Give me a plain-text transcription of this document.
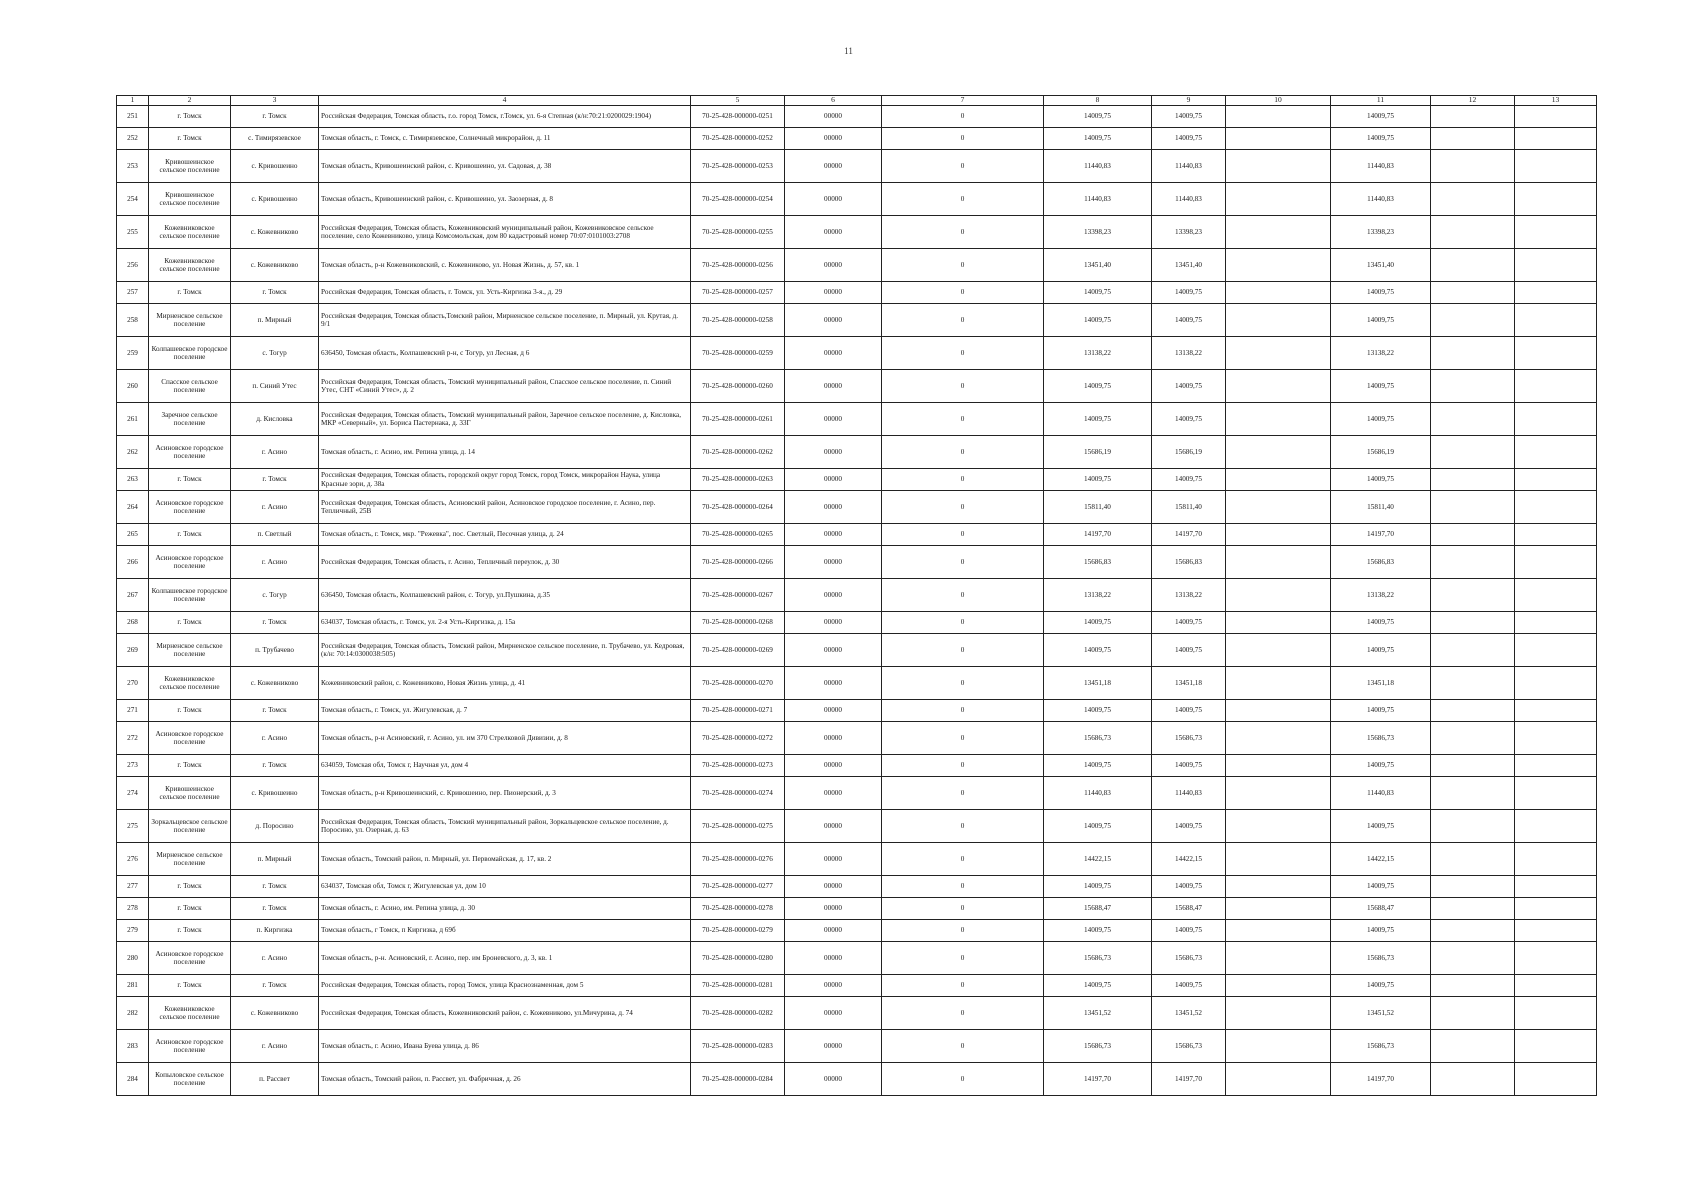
11
1	2	3	4	5	6	7	8	9	10	11	12	13
251	г. Томск	г. Томск	Российская Федерация, Томская область, г.о. город Томск, г.Томск, ул. 6-я Степная (к/н:70:21:0200029:1904)	70-25-428-000000-0251	00000	0	14009,75	14009,75		14009,75		
252	г. Томск	с. Тимирязевское	Томская область, г. Томск, с. Тимирязевское, Солнечный микрорайон, д. 11	70-25-428-000000-0252	00000	0	14009,75	14009,75		14009,75		
253	Кривошеинское сельское поселение	с. Кривошеино	Томская область, Кривошеинский район, с. Кривошеино, ул. Садовая, д. 38	70-25-428-000000-0253	00000	0	11440,83	11440,83		11440,83		
254	Кривошеинское сельское поселение	с. Кривошеино	Томская область, Кривошеинский район, с. Кривошеино, ул. Заозерная, д. 8	70-25-428-000000-0254	00000	0	11440,83	11440,83		11440,83		
255	Кожевниковское сельское поселение	с. Кожевниково	Российская Федерация, Томская область, Кожевниковский муниципальный район, Кожевниковское сельское поселение, село Кожевниково, улица Комсомольская, дом 80 кадастровый номер 70:07:0101003:2708	70-25-428-000000-0255	00000	0	13398,23	13398,23		13398,23		
256	Кожевниковское сельское поселение	с. Кожевниково	Томская область, р-н Кожевниковский, с. Кожевниково, ул. Новая Жизнь, д. 57, кв. 1	70-25-428-000000-0256	00000	0	13451,40	13451,40		13451,40		
257	г. Томск	г. Томск	Российская Федерация, Томская область, г. Томск, ул. Усть-Киргизка 3-я., д. 29	70-25-428-000000-0257	00000	0	14009,75	14009,75		14009,75		
258	Мирненское сельское поселение	п. Мирный	Российская Федерация, Томская область,Томский район, Мирненское сельское поселение, п. Мирный, ул. Крутая, д. 9/1	70-25-428-000000-0258	00000	0	14009,75	14009,75		14009,75		
259	Колпашевское городское поселение	с. Тогур	636450, Томская область, Колпашевский р-н, с Тогур, ул Лесная, д 6	70-25-428-000000-0259	00000	0	13138,22	13138,22		13138,22		
260	Спасское сельское поселение	п. Синий Утес	Российская Федерация, Томская область, Томский муниципальный район, Спасское сельское поселение, п. Синий Утес, СНТ «Синий Утес», д. 2	70-25-428-000000-0260	00000	0	14009,75	14009,75		14009,75		
261	Заречное сельское поселение	д. Кисловка	Российская Федерация, Томская область, Томский муниципальный район, Заречное сельское поселение, д. Кисловка, МКР «Северный», ул. Бориса Пастернака, д. 33Г	70-25-428-000000-0261	00000	0	14009,75	14009,75		14009,75		
262	Асиновское городское поселение	г. Асино	Томская область, г. Асино, им. Репина улица, д. 14	70-25-428-000000-0262	00000	0	15686,19	15686,19		15686,19		
263	г. Томск	г. Томск	Российская Федерация, Томская область, городской округ город Томск, город Томск, микрорайон Наука, улица Красные зори, д. 38а	70-25-428-000000-0263	00000	0	14009,75	14009,75		14009,75		
264	Асиновское городское поселение	г. Асино	Российская Федерация, Томская область, Асиновский район, Асиновское городское поселение, г. Асино, пер. Тепличный, 25В	70-25-428-000000-0264	00000	0	15811,40	15811,40		15811,40		
265	г. Томск	п. Светлый	Томская область, г. Томск, мкр. "Режевка", пос. Светлый, Песочная улица, д. 24	70-25-428-000000-0265	00000	0	14197,70	14197,70		14197,70		
266	Асиновское городское поселение	г. Асино	Российская Федерация, Томская область, г. Асино, Тепличный переулок, д. 30	70-25-428-000000-0266	00000	0	15686,83	15686,83		15686,83		
267	Колпашевское городское поселение	с. Тогур	636450, Томская область, Колпашевский район, с. Тогур, ул.Пушкина, д.35	70-25-428-000000-0267	00000	0	13138,22	13138,22		13138,22		
268	г. Томск	г. Томск	634037, Томская область, г. Томск, ул. 2-я Усть-Киргизка, д. 15а	70-25-428-000000-0268	00000	0	14009,75	14009,75		14009,75		
269	Мирненское сельское поселение	п. Трубачево	Российская Федерация, Томская область, Томский район, Мирненское сельское поселение, п. Трубачево, ул. Кедровая, (к/н: 70:14:0300038:505)	70-25-428-000000-0269	00000	0	14009,75	14009,75		14009,75		
270	Кожевниковское сельское поселение	с. Кожевниково	Кожевниковский район, с. Кожевниково, Новая Жизнь улица, д. 41	70-25-428-000000-0270	00000	0	13451,18	13451,18		13451,18		
271	г. Томск	г. Томск	Томская область, г. Томск, ул. Жигулевская, д. 7	70-25-428-000000-0271	00000	0	14009,75	14009,75		14009,75		
272	Асиновское городское поселение	г. Асино	Томская область, р-н Асиновский, г. Асино, ул. им 370 Стрелковой Дивизии, д. 8	70-25-428-000000-0272	00000	0	15686,73	15686,73		15686,73		
273	г. Томск	г. Томск	634059, Томская обл, Томск г, Научная ул, дом 4	70-25-428-000000-0273	00000	0	14009,75	14009,75		14009,75		
274	Кривошеинское сельское поселение	с. Кривошеино	Томская область, р-н Кривошеинский, с. Кривошеино, пер. Пионерский, д. 3	70-25-428-000000-0274	00000	0	11440,83	11440,83		11440,83		
275	Зоркальцевское сельское поселение	д. Поросино	Российская Федерация, Томская область, Томский муниципальный район, Зоркальцевское сельское поселение, д. Поросино, ул. Озерная, д. 63	70-25-428-000000-0275	00000	0	14009,75	14009,75		14009,75		
276	Мирненское сельское поселение	п. Мирный	Томская область, Томский район, п. Мирный, ул. Первомайская, д. 17, кв. 2	70-25-428-000000-0276	00000	0	14422,15	14422,15		14422,15		
277	г. Томск	г. Томск	634037, Томская обл, Томск г, Жигулевская ул, дом 10	70-25-428-000000-0277	00000	0	14009,75	14009,75		14009,75		
278	г. Томск	г. Томск	Томская область, г. Асино, им. Репина улица, д. 30	70-25-428-000000-0278	00000	0	15688,47	15688,47		15688,47		
279	г. Томск	п. Киргизка	Томская область, г Томск, п Киргизка, д 69б	70-25-428-000000-0279	00000	0	14009,75	14009,75		14009,75		
280	Асиновское городское поселение	г. Асино	Томская область, р-н. Асиновский, г. Асино, пер. им Броневского, д. 3, кв. 1	70-25-428-000000-0280	00000	0	15686,73	15686,73		15686,73		
281	г. Томск	г. Томск	Российская Федерация, Томская область, город Томск, улица Краснознаменная, дом 5	70-25-428-000000-0281	00000	0	14009,75	14009,75		14009,75		
282	Кожевниковское сельское поселение	с. Кожевниково	Российская Федерация, Томская область, Кожевниковский район, с. Кожевниково, ул.Мичурина, д. 74	70-25-428-000000-0282	00000	0	13451,52	13451,52		13451,52		
283	Асиновское городское поселение	г. Асино	Томская область, г. Асино, Ивана Буева улица, д. 86	70-25-428-000000-0283	00000	0	15686,73	15686,73		15686,73		
284	Копыловское сельское поселение	п. Рассвет	Томская область, Томский район, п. Рассвет, ул. Фабричная, д. 26	70-25-428-000000-0284	00000	0	14197,70	14197,70		14197,70		
